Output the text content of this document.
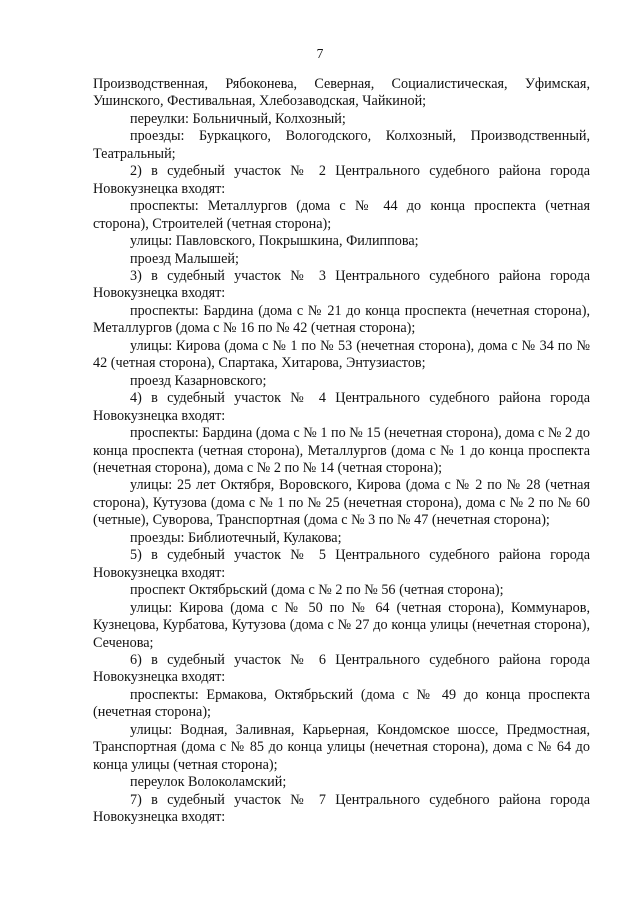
7

Производственная, Рябоконева, Северная, Социалистическая, Уфимская, Ушинского, Фестивальная, Хлебозаводская, Чайкиной;

переулки: Больничный, Колхозный;

проезды: Буркацкого, Вологодского, Колхозный, Производственный, Театральный;

2) в судебный участок № 2 Центрального судебного района города Новокузнецка входят:

проспекты: Металлургов (дома с № 44 до конца проспекта (четная сторона), Строителей (четная сторона);

улицы: Павловского, Покрышкина, Филиппова;

проезд Малышей;

3) в судебный участок № 3 Центрального судебного района города Новокузнецка входят:

проспекты: Бардина (дома с № 21 до конца проспекта (нечетная сторона), Металлургов (дома с № 16 по № 42 (четная сторона);

улицы: Кирова (дома с № 1 по № 53 (нечетная сторона), дома с № 34 по № 42 (четная сторона), Спартака, Хитарова, Энтузиастов;

проезд Казарновского;

4) в судебный участок № 4 Центрального судебного района города Новокузнецка входят:

проспекты: Бардина (дома с № 1 по № 15 (нечетная сторона), дома с № 2 до конца проспекта (четная сторона), Металлургов (дома с № 1 до конца проспекта (нечетная сторона), дома с № 2 по № 14 (четная сторона);

улицы: 25 лет Октября, Воровского, Кирова (дома с № 2 по № 28 (четная сторона), Кутузова (дома с № 1 по № 25 (нечетная сторона), дома с № 2 по № 60 (четные), Суворова, Транспортная (дома с № 3 по № 47 (нечетная сторона);

проезды: Библиотечный, Кулакова;

5) в судебный участок № 5 Центрального судебного района города Новокузнецка входят:

проспект Октябрьский (дома с № 2 по № 56 (четная сторона);

улицы: Кирова (дома с № 50 по № 64 (четная сторона), Коммунаров, Кузнецова, Курбатова, Кутузова (дома с № 27 до конца улицы (нечетная сторона), Сеченова;

6) в судебный участок № 6 Центрального судебного района города Новокузнецка входят:

проспекты: Ермакова, Октябрьский (дома с № 49 до конца проспекта (нечетная сторона);

улицы: Водная, Заливная, Карьерная, Кондомское шоссе, Предмостная, Транспортная (дома с № 85 до конца улицы (нечетная сторона), дома с № 64 до конца улицы (четная сторона);

переулок Волоколамский;

7) в судебный участок № 7 Центрального судебного района города Новокузнецка входят:
